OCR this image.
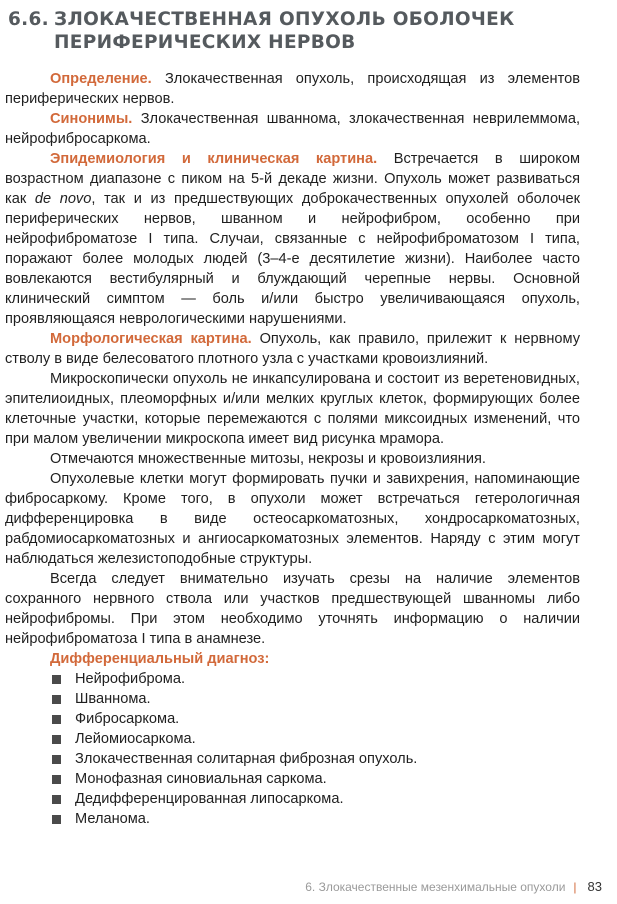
6.6. ЗЛОКАЧЕСТВЕННАЯ ОПУХОЛЬ ОБОЛОЧЕК
ПЕРИФЕРИЧЕСКИХ НЕРВОВ

Определение. Злокачественная опухоль, происходящая из элементов периферических нервов.

Синонимы. Злокачественная шваннома, злокачественная неврилеммома, нейрофибросаркома.

Эпидемиология и клиническая картина. Встречается в широком возрастном диапазоне с пиком на 5-й декаде жизни. Опухоль может развиваться как de novo, так и из предшествующих доброкачественных опухолей оболочек периферических нервов, шванном и нейрофибром, особенно при нейрофиброматозе I типа. Случаи, связанные с нейрофиброматозом I типа, поражают более молодых людей (3–4-е десятилетие жизни). Наиболее часто вовлекаются вестибулярный и блуждающий черепные нервы. Основной клинический симптом — боль и/или быстро увеличивающаяся опухоль, проявляющаяся неврологическими нарушениями.

Морфологическая картина. Опухоль, как правило, прилежит к нервному стволу в виде белесоватого плотного узла с участками кровоизлияний.

Микроскопически опухоль не инкапсулирована и состоит из веретеновидных, эпителиоидных, плеоморфных и/или мелких круглых клеток, формирующих более клеточные участки, которые перемежаются с полями миксоидных изменений, что при малом увеличении микроскопа имеет вид рисунка мрамора.

Отмечаются множественные митозы, некрозы и кровоизлияния.

Опухолевые клетки могут формировать пучки и завихрения, напоминающие фибросаркому. Кроме того, в опухоли может встречаться гетерологичная дифференцировка в виде остеосаркоматозных, хондросаркоматозных, рабдомиосаркоматозных и ангиосаркоматозных элементов. Наряду с этим могут наблюдаться железистоподобные структуры.

Всегда следует внимательно изучать срезы на наличие элементов сохранного нервного ствола или участков предшествующей шванномы либо нейрофибромы. При этом необходимо уточнять информацию о наличии нейрофиброматоза I типа в анамнезе.

Дифференциальный диагноз:
Нейрофиброма.
Шваннома.
Фибросаркома.
Лейомиосаркома.
Злокачественная солитарная фиброзная опухоль.
Монофазная синовиальная саркома.
Дедифференцированная липосаркома.
Меланома.
6. Злокачественные мезенхимальные опухоли | 83
